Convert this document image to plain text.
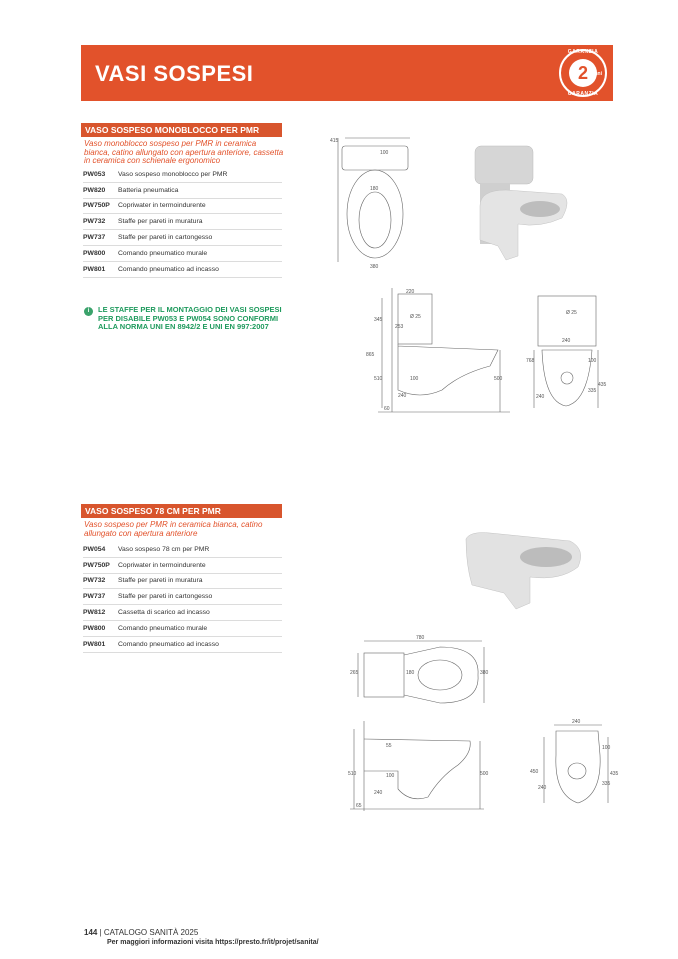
VASI SOSPESI
GARANZIA
2 anni
GARANZIA
VASO SOSPESO MONOBLOCCO PER PMR
Vaso monoblocco sospeso per PMR in ceramica bianca, catino allungato con apertura anteriore, cassetta in ceramica con schienale ergonomico
PW053	Vaso sospeso monoblocco per PMR
PW820	Batteria pneumatica
PW750P	Copriwater in termoindurente
PW732	Staffe per pareti in muratura
PW737	Staffe per pareti in cartongesso
PW800	Comando pneumatico murale
PW801	Comando pneumatico ad incasso
i	LE STAFFE PER IL MONTAGGIO DEI VASI SOSPESI PER DISABILE PW053 E PW054 SONO CONFORMI ALLA NORMA UNI EN 8942/2 E UNI EN 997:2007
415
100
180
380
220
345	Ø 25
253
865
510	100	500
240
60
Ø 25
240
768	100
435
335
240
VASO SOSPESO 78 CM PER PMR
Vaso sospeso per PMR in ceramica bianca, catino allungato con apertura anteriore
PW054	Vaso sospeso 78 cm per PMR
PW750P	Copriwater in termoindurente
PW732	Staffe per pareti in muratura
PW737	Staffe per pareti in cartongesso
PW812	Cassetta di scarico ad incasso
PW800	Comando pneumatico murale
PW801	Comando pneumatico ad incasso
780
265	180	380
55
510	100	500
240
65
240
100
450	435
240
335
144 | CATALOGO SANITÀ 2025
Per maggiori informazioni visita https://presto.fr/it/projet/sanita/
